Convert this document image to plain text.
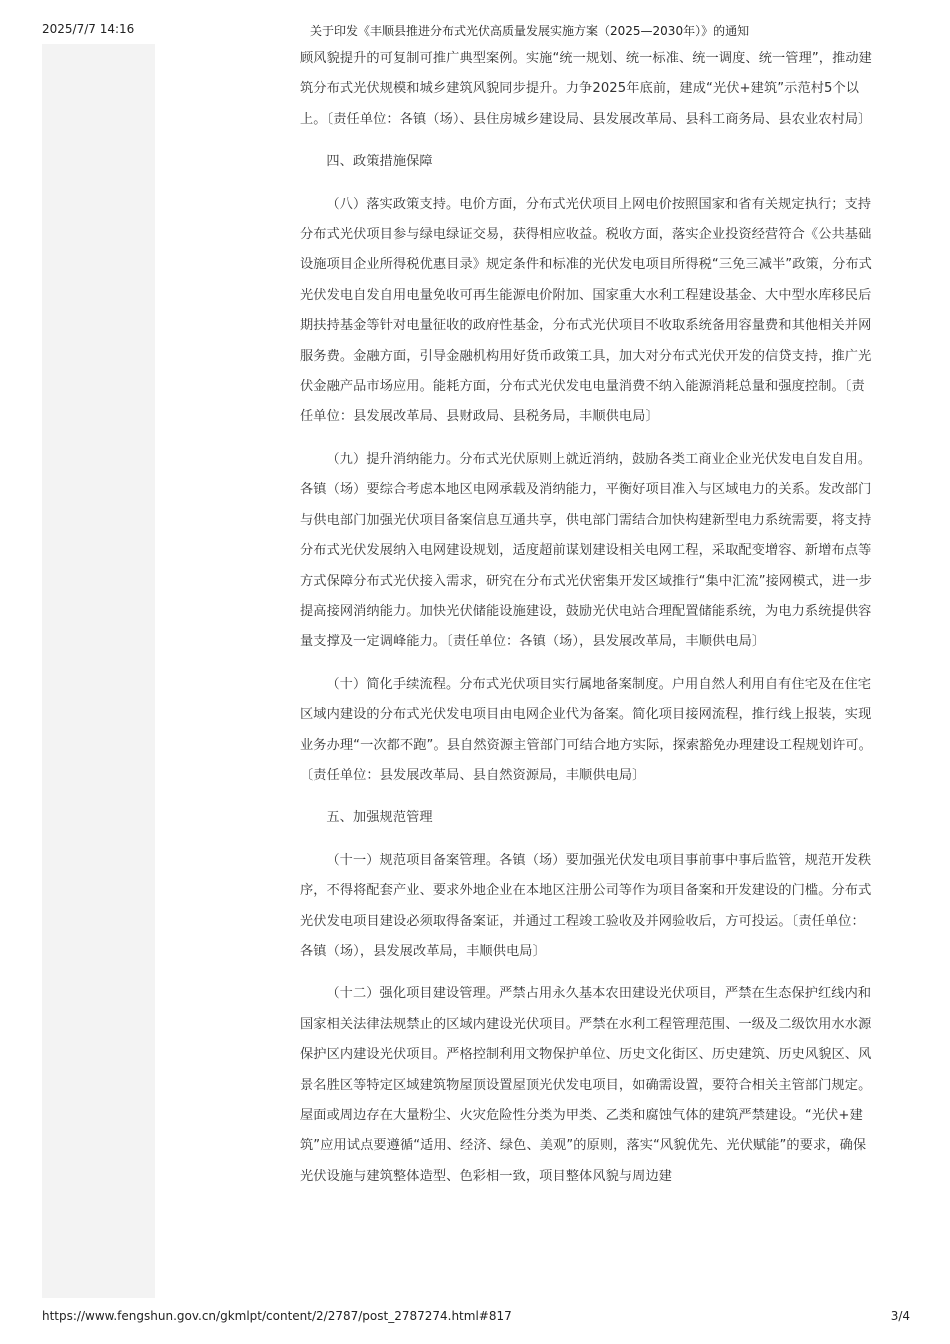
2025/7/7 14:16	关于印发《丰顺县推进分布式光伏高质量发展实施方案（2025—2030年）》的通知

顾风貌提升的可复制可推广典型案例。实施“统一规划、统一标准、统一调度、统一管理”，推动建筑分布式光伏规模和城乡建筑风貌同步提升。力争2025年底前，建成“光伏+建筑”示范村5个以上。〔责任单位：各镇（场）、县住房城乡建设局、县发展改革局、县科工商务局、县农业农村局〕

四、政策措施保障

（八）落实政策支持。电价方面，分布式光伏项目上网电价按照国家和省有关规定执行；支持分布式光伏项目参与绿电绿证交易，获得相应收益。税收方面，落实企业投资经营符合《公共基础设施项目企业所得税优惠目录》规定条件和标准的光伏发电项目所得税“三免三减半”政策，分布式光伏发电自发自用电量免收可再生能源电价附加、国家重大水利工程建设基金、大中型水库移民后期扶持基金等针对电量征收的政府性基金，分布式光伏项目不收取系统备用容量费和其他相关并网服务费。金融方面，引导金融机构用好货币政策工具，加大对分布式光伏开发的信贷支持，推广光伏金融产品市场应用。能耗方面，分布式光伏发电电量消费不纳入能源消耗总量和强度控制。〔责任单位：县发展改革局、县财政局、县税务局，丰顺供电局〕

（九）提升消纳能力。分布式光伏原则上就近消纳，鼓励各类工商业企业光伏发电自发自用。各镇（场）要综合考虑本地区电网承载及消纳能力，平衡好项目准入与区域电力的关系。发改部门与供电部门加强光伏项目备案信息互通共享，供电部门需结合加快构建新型电力系统需要，将支持分布式光伏发展纳入电网建设规划，适度超前谋划建设相关电网工程，采取配变增容、新增布点等方式保障分布式光伏接入需求，研究在分布式光伏密集开发区域推行“集中汇流”接网模式，进一步提高接网消纳能力。加快光伏储能设施建设，鼓励光伏电站合理配置储能系统，为电力系统提供容量支撑及一定调峰能力。〔责任单位：各镇（场），县发展改革局，丰顺供电局〕

（十）简化手续流程。分布式光伏项目实行属地备案制度。户用自然人利用自有住宅及在住宅区域内建设的分布式光伏发电项目由电网企业代为备案。简化项目接网流程，推行线上报装，实现业务办理“一次都不跑”。县自然资源主管部门可结合地方实际，探索豁免办理建设工程规划许可。〔责任单位：县发展改革局、县自然资源局，丰顺供电局〕

五、加强规范管理

（十一）规范项目备案管理。各镇（场）要加强光伏发电项目事前事中事后监管，规范开发秩序，不得将配套产业、要求外地企业在本地区注册公司等作为项目备案和开发建设的门槛。分布式光伏发电项目建设必须取得备案证，并通过工程竣工验收及并网验收后，方可投运。〔责任单位：各镇（场），县发展改革局，丰顺供电局〕

（十二）强化项目建设管理。严禁占用永久基本农田建设光伏项目，严禁在生态保护红线内和国家相关法律法规禁止的区域内建设光伏项目。严禁在水利工程管理范围、一级及二级饮用水水源保护区内建设光伏项目。严格控制利用文物保护单位、历史文化街区、历史建筑、历史风貌区、风景名胜区等特定区域建筑物屋顶设置屋顶光伏发电项目，如确需设置，要符合相关主管部门规定。屋面或周边存在大量粉尘、火灾危险性分类为甲类、乙类和腐蚀气体的建筑严禁建设。“光伏+建筑”应用试点要遵循“适用、经济、绿色、美观”的原则，落实“风貌优先、光伏赋能”的要求，确保光伏设施与建筑整体造型、色彩相一致，项目整体风貌与周边建

https://www.fengshun.gov.cn/gkmlpt/content/2/2787/post_2787274.html#817	3/4
